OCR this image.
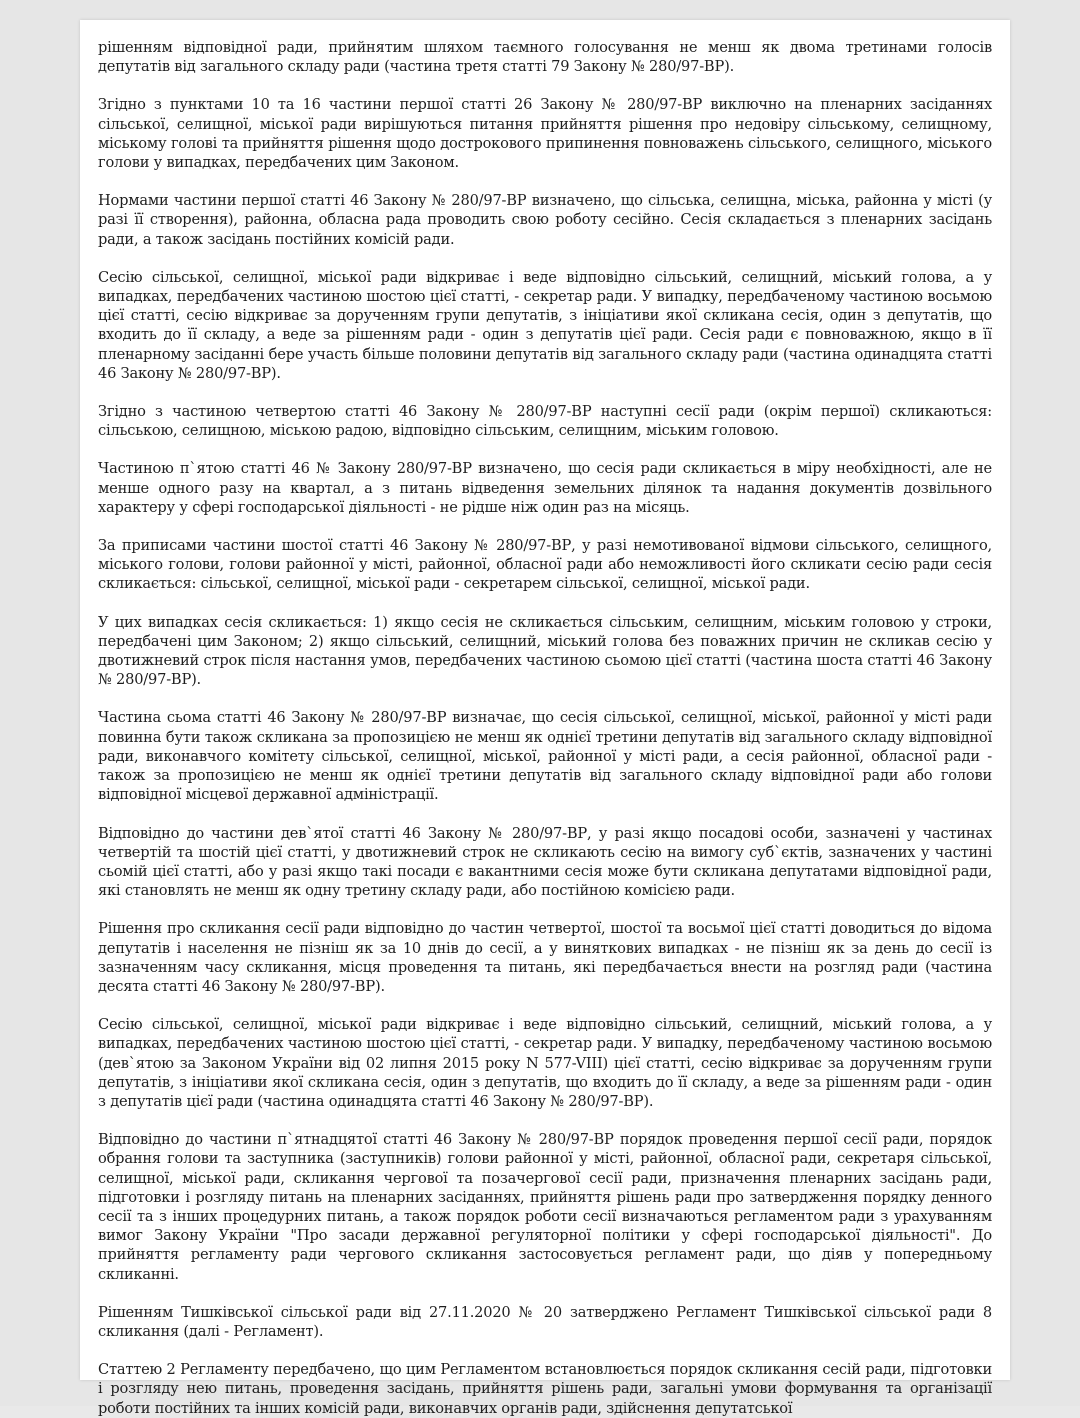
рішенням відповідної ради, прийнятим шляхом таємного голосування не менш як двома третинами голосів депутатів від загального складу ради (частина третя статті 79 Закону № 280/97-ВР).

Згідно з пунктами 10 та 16 частини першої статті 26 Закону № 280/97-ВР виключно на пленарних засіданнях сільської, селищної, міської ради вирішуються питання прийняття рішення про недовіру сільському, селищному, міському голові та прийняття рішення щодо дострокового припинення повноважень сільського, селищного, міського голови у випадках, передбачених цим Законом.

Нормами частини першої статті 46 Закону № 280/97-ВР визначено, що сільська, селищна, міська, районна у місті (у разі її створення), районна, обласна рада проводить свою роботу сесійно. Сесія складається з пленарних засідань ради, а також засідань постійних комісій ради.

Сесію сільської, селищної, міської ради відкриває і веде відповідно сільський, селищний, міський голова, а у випадках, передбачених частиною шостою цієї статті, - секретар ради. У випадку, передбаченому частиною восьмою цієї статті, сесію відкриває за дорученням групи депутатів, з ініціативи якої скликана сесія, один з депутатів, що входить до її складу, а веде за рішенням ради - один з депутатів цієї ради. Сесія ради є повноважною, якщо в її пленарному засіданні бере участь більше половини депутатів від загального складу ради (частина одинадцята статті 46 Закону № 280/97-ВР).

Згідно з частиною четвертою статті 46 Закону № 280/97-ВР наступні сесії ради (окрім першої) скликаються: сільською, селищною, міською радою, відповідно сільським, селищним, міським головою.

Частиною п`ятою статті 46 № Закону 280/97-ВР визначено, що сесія ради скликається в міру необхідності, але не менше одного разу на квартал, а з питань відведення земельних ділянок та надання документів дозвільного характеру у сфері господарської діяльності - не рідше ніж один раз на місяць.

За приписами частини шостої статті 46 Закону № 280/97-ВР, у разі немотивованої відмови сільського, селищного, міського голови, голови районної у місті, районної, обласної ради або неможливості його скликати сесію ради сесія скликається: сільської, селищної, міської ради - секретарем сільської, селищної, міської ради.

У цих випадках сесія скликається: 1) якщо сесія не скликається сільським, селищним, міським головою у строки, передбачені цим Законом; 2) якщо сільський, селищний, міський голова без поважних причин не скликав сесію у двотижневий строк після настання умов, передбачених частиною сьомою цієї статті (частина шоста статті 46 Закону № 280/97-ВР).

Частина сьома статті 46 Закону № 280/97-ВР визначає, що сесія сільської, селищної, міської, районної у місті ради повинна бути також скликана за пропозицією не менш як однієї третини депутатів від загального складу відповідної ради, виконавчого комітету сільської, селищної, міської, районної у місті ради, а сесія районної, обласної ради - також за пропозицією не менш як однієї третини депутатів від загального складу відповідної ради або голови відповідної місцевої державної адміністрації.

Відповідно до частини дев`ятої статті 46 Закону № 280/97-ВР, у разі якщо посадові особи, зазначені у частинах четвертій та шостій цієї статті, у двотижневий строк не скликають сесію на вимогу суб`єктів, зазначених у частині сьомій цієї статті, або у разі якщо такі посади є вакантними сесія може бути скликана депутатами відповідної ради, які становлять не менш як одну третину складу ради, або постійною комісією ради.

Рішення про скликання сесії ради відповідно до частин четвертої, шостої та восьмої цієї статті доводиться до відома депутатів і населення не пізніш як за 10 днів до сесії, а у виняткових випадках - не пізніш як за день до сесії із зазначенням часу скликання, місця проведення та питань, які передбачається внести на розгляд ради (частина десята статті 46 Закону № 280/97-ВР).

Сесію сільської, селищної, міської ради відкриває і веде відповідно сільський, селищний, міський голова, а у випадках, передбачених частиною шостою цієї статті, - секретар ради. У випадку, передбаченому частиною восьмою (дев`ятою за Законом України від 02 липня 2015 року N 577-VIII) цієї статті, сесію відкриває за дорученням групи депутатів, з ініціативи якої скликана сесія, один з депутатів, що входить до її складу, а веде за рішенням ради - один з депутатів цієї ради (частина одинадцята статті 46 Закону № 280/97-ВР).

Відповідно до частини п`ятнадцятої статті 46 Закону № 280/97-ВР порядок проведення першої сесії ради, порядок обрання голови та заступника (заступників) голови районної у місті, районної, обласної ради, секретаря сільської, селищної, міської ради, скликання чергової та позачергової сесії ради, призначення пленарних засідань ради, підготовки і розгляду питань на пленарних засіданнях, прийняття рішень ради про затвердження порядку денного сесії та з інших процедурних питань, а також порядок роботи сесії визначаються регламентом ради з урахуванням вимог Закону України "Про засади державної регуляторної політики у сфері господарської діяльності". До прийняття регламенту ради чергового скликання застосовується регламент ради, що діяв у попередньому скликанні.

Рішенням Тишківської сільської ради від 27.11.2020 № 20 затверджено Регламент Тишківської сільської ради 8 скликання (далі - Регламент).

Статтею 2 Регламенту передбачено, що цим Регламентом встановлюється порядок скликання сесій ради, підготовки і розгляду нею питань, проведення засідань, прийняття рішень ради, загальні умови формування та організації роботи постійних та інших комісій ради, виконавчих органів ради, здійснення депутатської
